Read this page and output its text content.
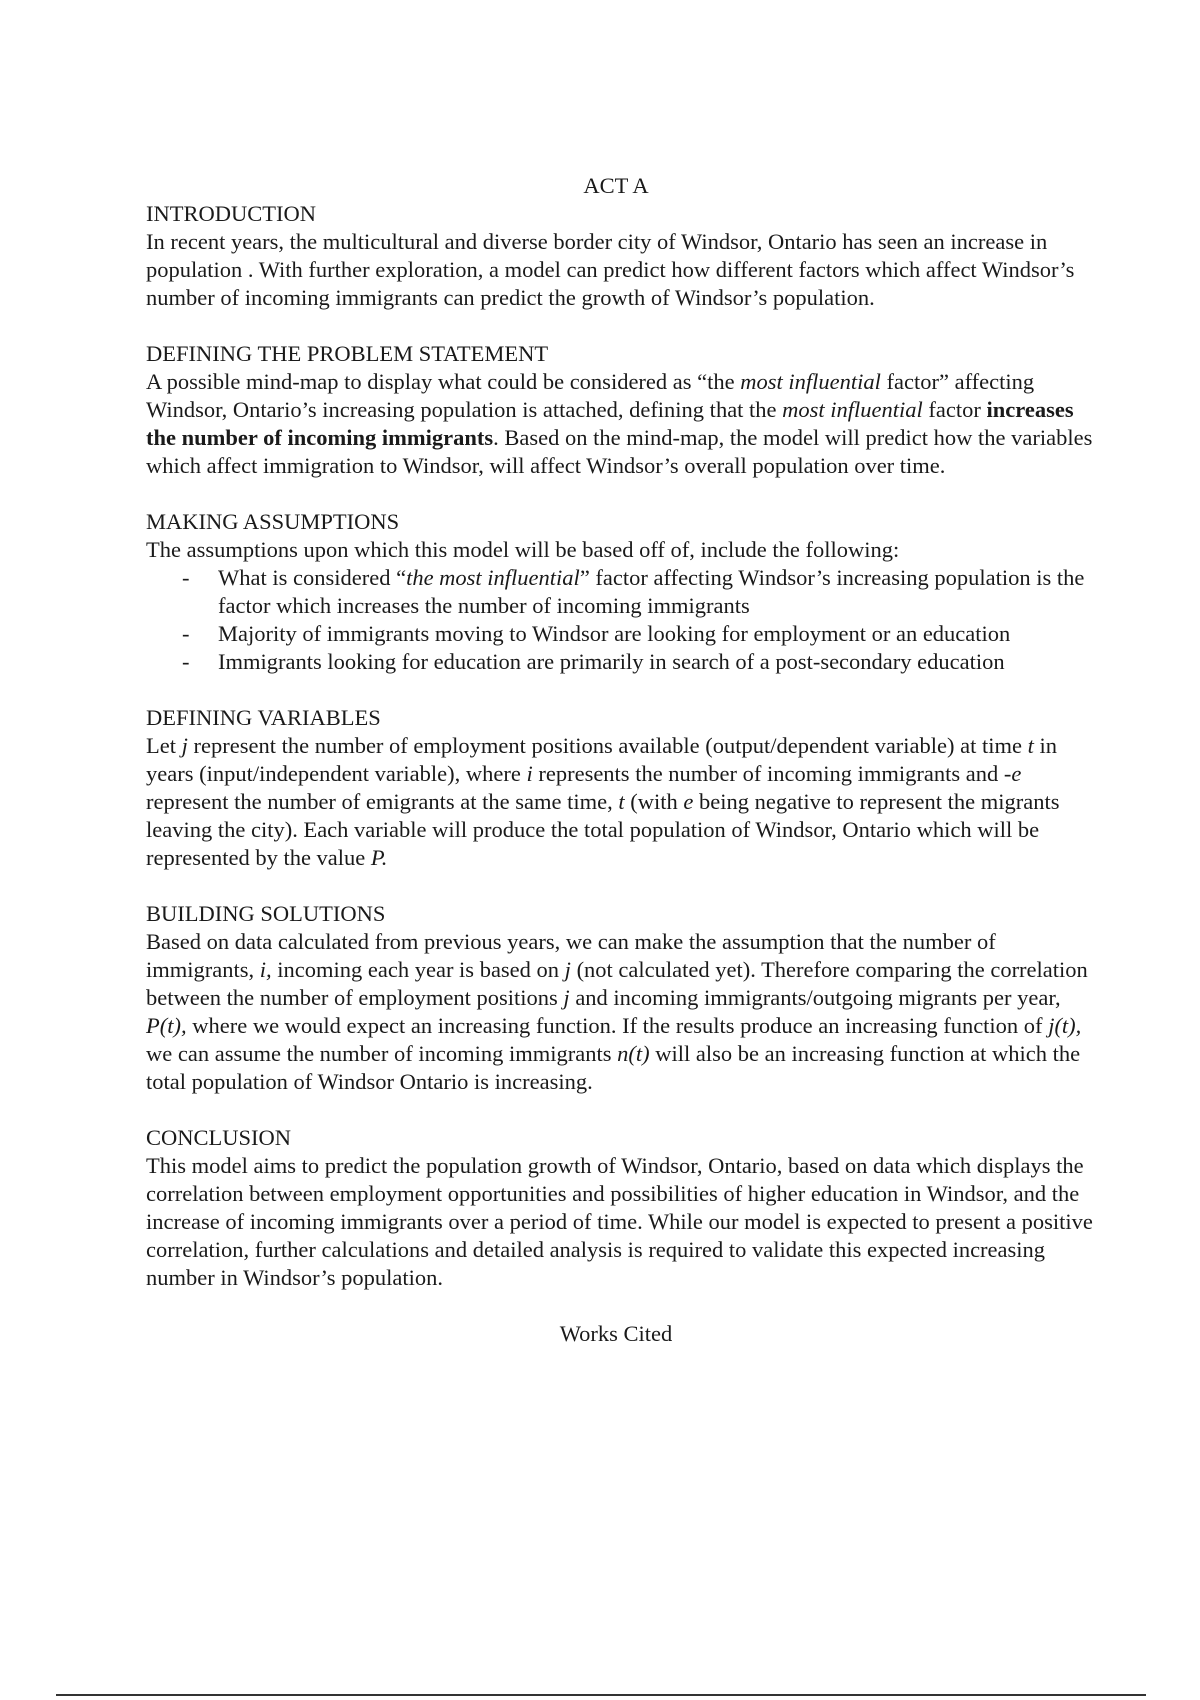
ACT A
INTRODUCTION

In recent years, the multicultural and diverse border city of Windsor, Ontario has seen an increase in population . With further exploration, a model can predict how different factors which affect Windsor’s number of incoming immigrants can predict the growth of Windsor’s population.

DEFINING THE PROBLEM STATEMENT

A possible mind-map to display what could be considered as “the most influential factor” affecting Windsor, Ontario’s increasing population is attached, defining that the most influential factor increases the number of incoming immigrants. Based on the mind-map, the model will predict how the variables which affect immigration to Windsor, will affect Windsor’s overall population over time.

MAKING ASSUMPTIONS

The assumptions upon which this model will be based off of, include the following:

- What is considered “the most influential” factor affecting Windsor’s increasing population is the factor which increases the number of incoming immigrants
- Majority of immigrants moving to Windsor are looking for employment or an education
- Immigrants looking for education are primarily in search of a post-secondary education
DEFINING VARIABLES

Let j represent the number of employment positions available (output/dependent variable) at time t in years (input/independent variable), where i represents the number of incoming immigrants and -e represent the number of emigrants at the same time, t (with e being negative to represent the migrants leaving the city). Each variable will produce the total population of Windsor, Ontario which will be represented by the value P.

BUILDING SOLUTIONS

Based on data calculated from previous years, we can make the assumption that the number of immigrants, i, incoming each year is based on j (not calculated yet). Therefore comparing the correlation between the number of employment positions j and incoming immigrants/outgoing migrants per year, P(t), where we would expect an increasing function. If the results produce an increasing function of j(t), we can assume the number of incoming immigrants n(t) will also be an increasing function at which the total population of Windsor Ontario is increasing.

CONCLUSION

This model aims to predict the population growth of Windsor, Ontario, based on data which displays the correlation between employment opportunities and possibilities of higher education in Windsor, and the increase of incoming immigrants over a period of time. While our model is expected to present a positive correlation, further calculations and detailed analysis is required to validate this expected increasing number in Windsor’s population.

Works Cited
